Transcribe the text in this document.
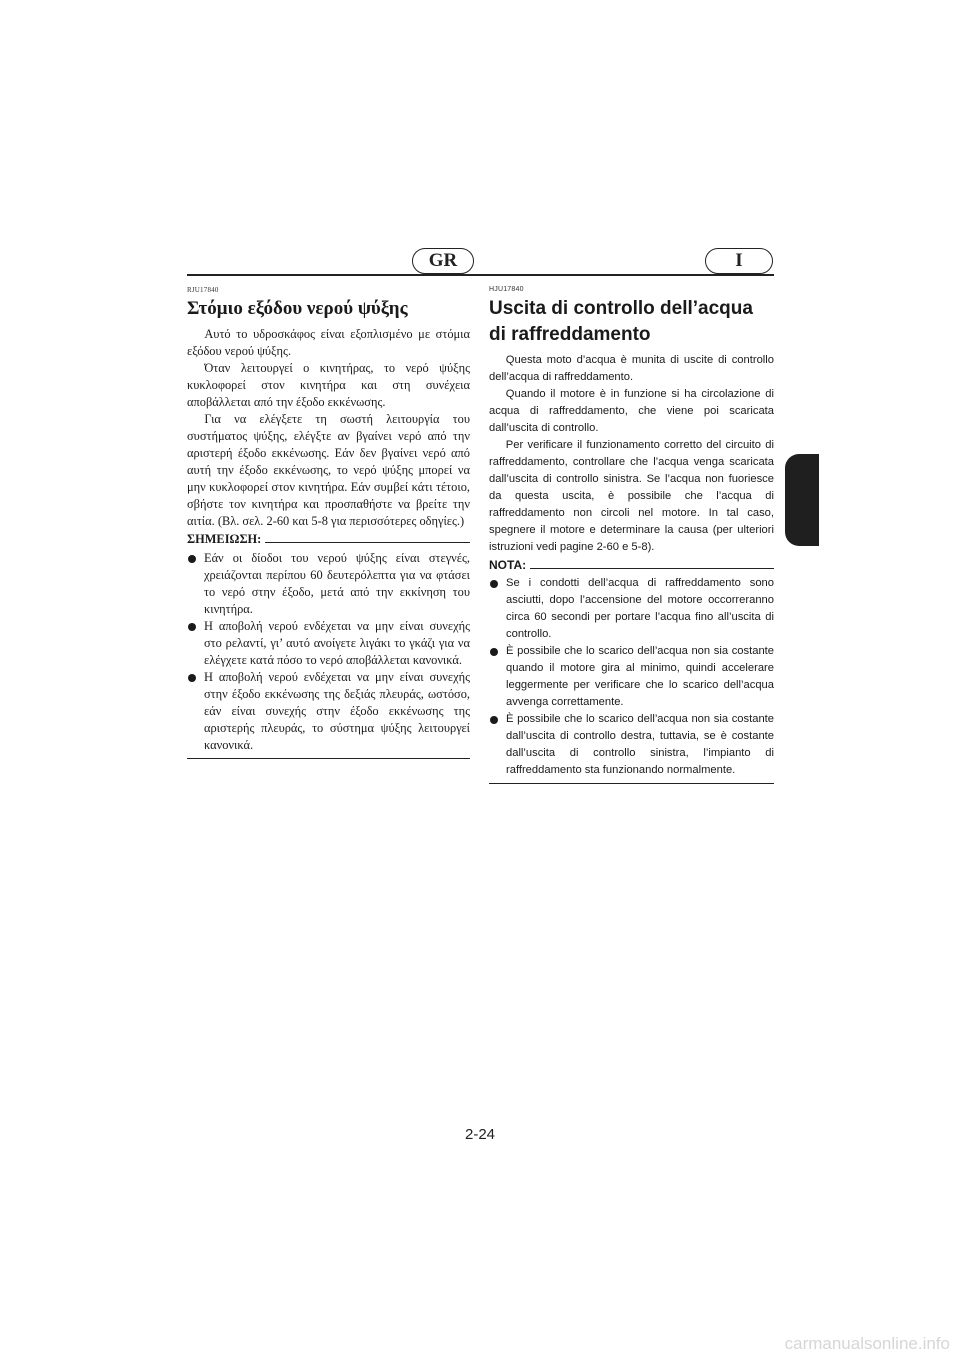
GR	I
RJU17840
Στόμιο εξόδου νερού ψύξης

Αυτό το υδροσκάφος είναι εξοπλισμένο με στόμια εξόδου νερού ψύξης.

Όταν λειτουργεί ο κινητήρας, το νερό ψύξης κυκλοφορεί στον κινητήρα και στη συνέχεια αποβάλλεται από την έξοδο εκκένωσης.

Για να ελέγξετε τη σωστή λειτουργία του συστήματος ψύξης, ελέγξτε αν βγαίνει νερό από την αριστερή έξοδο εκκένωσης. Εάν δεν βγαίνει νερό από αυτή την έξοδο εκκένωσης, το νερό ψύξης μπορεί να μην κυκλοφορεί στον κινητήρα. Εάν συμβεί κάτι τέτοιο, σβήστε τον κινητήρα και προσπαθήστε να βρείτε την αιτία. (Βλ. σελ. 2-60 και 5-8 για περισσότερες οδηγίες.)

ΣΗΜΕΙΩΣΗ:
Εάν οι δίοδοι του νερού ψύξης είναι στεγνές, χρειάζονται περίπου 60 δευτερόλεπτα για να φτάσει το νερό στην έξοδο, μετά από την εκκίνηση του κινητήρα.
Η αποβολή νερού ενδέχεται να μην είναι συνεχής στο ρελαντί, γι’ αυτό ανοίγετε λιγάκι το γκάζι για να ελέγχετε κατά πόσο το νερό αποβάλλεται κανονικά.
Η αποβολή νερού ενδέχεται να μην είναι συνεχής στην έξοδο εκκένωσης της δεξιάς πλευράς, ωστόσο, εάν είναι συνεχής στην έξοδο εκκένωσης της αριστερής πλευράς, το σύστημα ψύξης λειτουργεί κανονικά.
HJU17840
Uscita di controllo dell’acqua di raffreddamento

Questa moto d’acqua è munita di uscite di controllo dell’acqua di raffreddamento.

Quando il motore è in funzione si ha circolazione di acqua di raffreddamento, che viene poi scaricata dall’uscita di controllo.

Per verificare il funzionamento corretto del circuito di raffreddamento, controllare che l’acqua venga scaricata dall’uscita di controllo sinistra. Se l’acqua non fuoriesce da questa uscita, è possibile che l’acqua di raffreddamento non circoli nel motore. In tal caso, spegnere il motore e determinare la causa (per ulteriori istruzioni vedi pagine 2-60 e 5-8).

NOTA:
Se i condotti dell’acqua di raffreddamento sono asciutti, dopo l’accensione del motore occorreranno circa 60 secondi per portare l’acqua fino all’uscita di controllo.
È possibile che lo scarico dell’acqua non sia costante quando il motore gira al minimo, quindi accelerare leggermente per verificare che lo scarico dell’acqua avvenga correttamente.
È possibile che lo scarico dell’acqua non sia costante dall’uscita di controllo destra, tuttavia, se è costante dall’uscita di controllo sinistra, l’impianto di raffreddamento sta funzionando normalmente.
2-24
carmanualsonline.info
